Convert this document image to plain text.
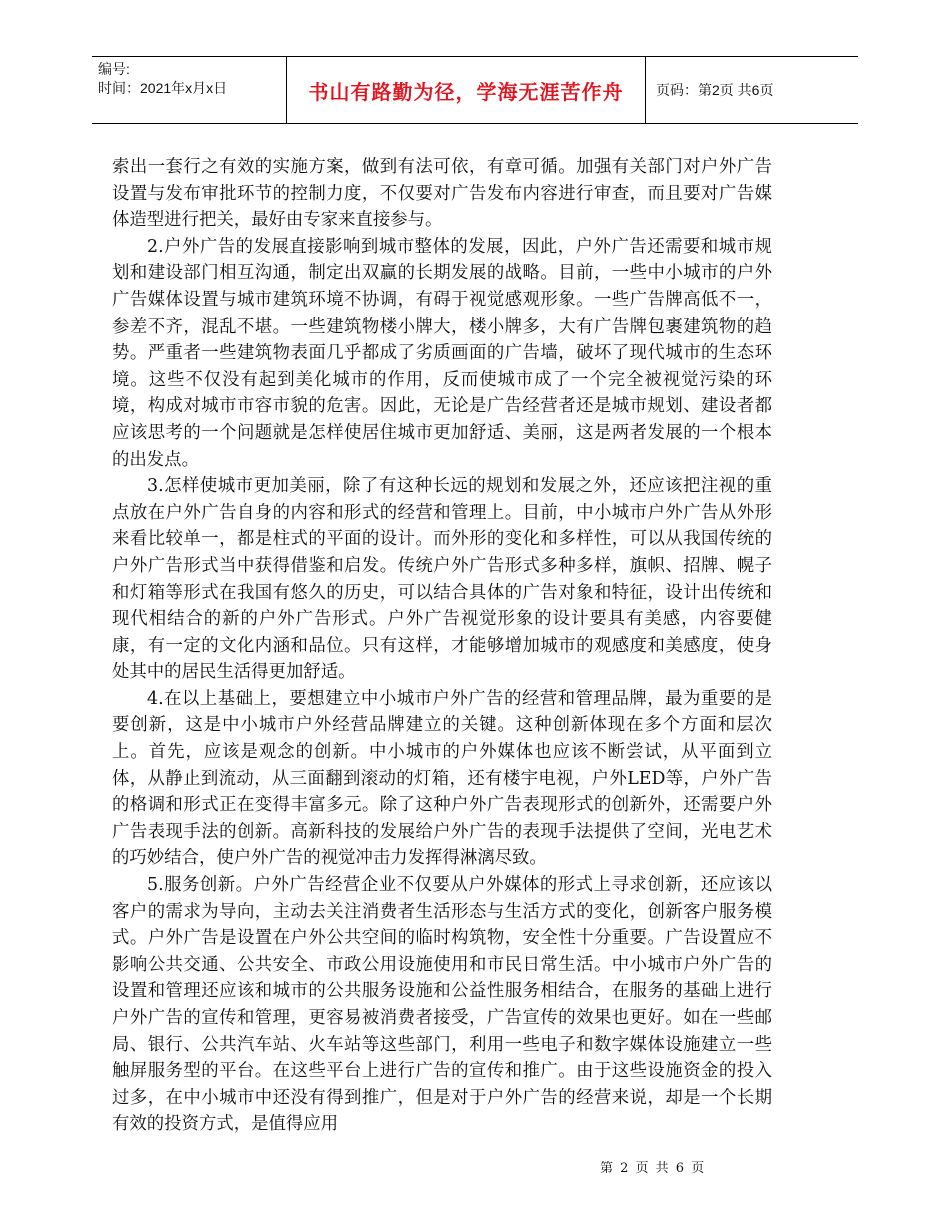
编号:
时间：2021年x月x日	书山有路勤为径，学海无涯苦作舟	页码：第2页 共6页

索出一套行之有效的实施方案，做到有法可依，有章可循。加强有关部门对户外广告设置与发布审批环节的控制力度，不仅要对广告发布内容进行审查，而且要对广告媒体造型进行把关，最好由专家来直接参与。

2.户外广告的发展直接影响到城市整体的发展，因此，户外广告还需要和城市规划和建设部门相互沟通，制定出双赢的长期发展的战略。目前，一些中小城市的户外广告媒体设置与城市建筑环境不协调，有碍于视觉感观形象。一些广告牌高低不一，参差不齐，混乱不堪。一些建筑物楼小牌大，楼小牌多，大有广告牌包裹建筑物的趋势。严重者一些建筑物表面几乎都成了劣质画面的广告墙，破坏了现代城市的生态环境。这些不仅没有起到美化城市的作用，反而使城市成了一个完全被视觉污染的环境，构成对城市市容市貌的危害。因此，无论是广告经营者还是城市规划、建设者都应该思考的一个问题就是怎样使居住城市更加舒适、美丽，这是两者发展的一个根本的出发点。

3.怎样使城市更加美丽，除了有这种长远的规划和发展之外，还应该把注视的重点放在户外广告自身的内容和形式的经营和管理上。目前，中小城市户外广告从外形来看比较单一，都是柱式的平面的设计。而外形的变化和多样性，可以从我国传统的户外广告形式当中获得借鉴和启发。传统户外广告形式多种多样，旗帜、招牌、幌子和灯箱等形式在我国有悠久的历史，可以结合具体的广告对象和特征，设计出传统和现代相结合的新的户外广告形式。户外广告视觉形象的设计要具有美感，内容要健康，有一定的文化内涵和品位。只有这样，才能够增加城市的观感度和美感度，使身处其中的居民生活得更加舒适。

4.在以上基础上，要想建立中小城市户外广告的经营和管理品牌，最为重要的是要创新，这是中小城市户外经营品牌建立的关键。这种创新体现在多个方面和层次上。首先，应该是观念的创新。中小城市的户外媒体也应该不断尝试，从平面到立体，从静止到流动，从三面翻到滚动的灯箱，还有楼宇电视，户外LED等，户外广告的格调和形式正在变得丰富多元。除了这种户外广告表现形式的创新外，还需要户外广告表现手法的创新。高新科技的发展给户外广告的表现手法提供了空间，光电艺术的巧妙结合，使户外广告的视觉冲击力发挥得淋漓尽致。

5.服务创新。户外广告经营企业不仅要从户外媒体的形式上寻求创新，还应该以客户的需求为导向，主动去关注消费者生活形态与生活方式的变化，创新客户服务模式。户外广告是设置在户外公共空间的临时构筑物，安全性十分重要。广告设置应不影响公共交通、公共安全、市政公用设施使用和市民日常生活。中小城市户外广告的设置和管理还应该和城市的公共服务设施和公益性服务相结合，在服务的基础上进行户外广告的宣传和管理，更容易被消费者接受，广告宣传的效果也更好。如在一些邮局、银行、公共汽车站、火车站等这些部门，利用一些电子和数字媒体设施建立一些触屏服务型的平台。在这些平台上进行广告的宣传和推广。由于这些设施资金的投入过多，在中小城市中还没有得到推广，但是对于户外广告的经营来说，却是一个长期有效的投资方式，是值得应用

第 2 页 共 6 页
